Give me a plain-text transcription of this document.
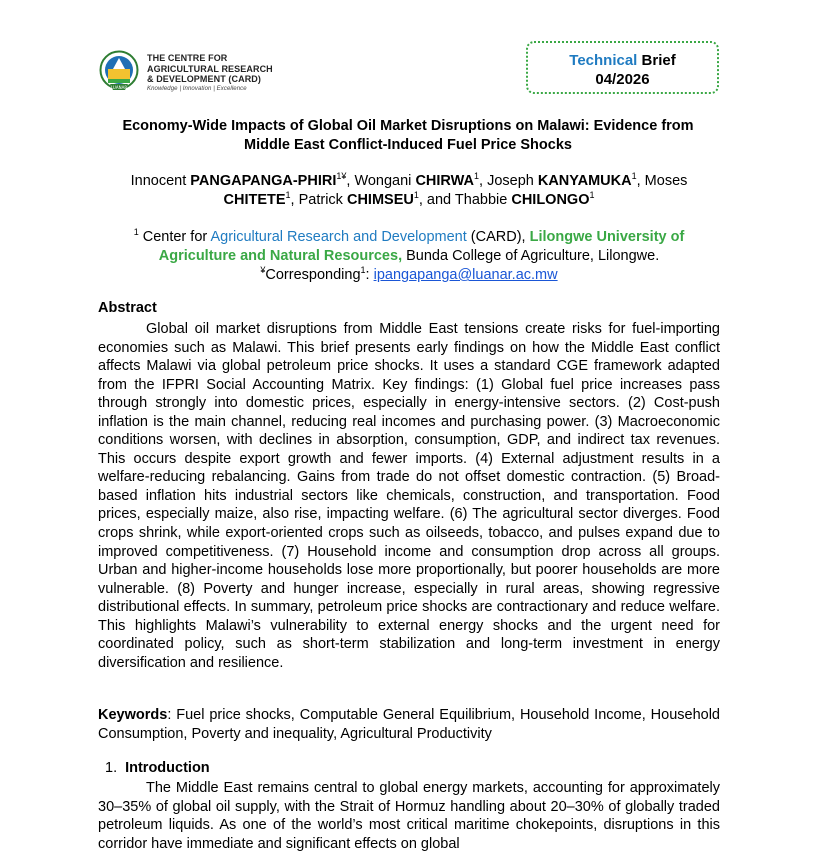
LUANAR
THE CENTRE FOR
AGRICULTURAL RESEARCH
& DEVELOPMENT (CARD)
Knowledge | Innovation | Excellence
Technical Brief
04/2026
Economy-Wide Impacts of Global Oil Market Disruptions on Malawi: Evidence from Middle East Conflict-Induced Fuel Price Shocks
Innocent PANGAPANGA-$PHIRI^{1¥}$, Wongani CHIRWA$^1$, Joseph KANYAMUKA$^1$, Moses CHITETE$^1$, Patrick CHIMSEU$^1$, and Thabbie CHILONGO$^1$
$^1$ Center for Agricultural Research and Development (CARD), Lilongwe University of Agriculture and Natural Resources, Bunda College of Agriculture, Lilongwe.
¥Corresponding$^1$: ipangapanga@luanar.ac.mw
Abstract
Global oil market disruptions from Middle East tensions create risks for fuel-importing economies such as Malawi. This brief presents early findings on how the Middle East conflict affects Malawi via global petroleum price shocks. It uses a standard CGE framework adapted from the IFPRI Social Accounting Matrix. Key findings: (1) Global fuel price increases pass through strongly into domestic prices, especially in energy-intensive sectors. (2) Cost-push inflation is the main channel, reducing real incomes and purchasing power. (3) Macroeconomic conditions worsen, with declines in absorption, consumption, GDP, and indirect tax revenues. This occurs despite export growth and fewer imports. (4) External adjustment results in a welfare-reducing rebalancing. Gains from trade do not offset domestic contraction. (5) Broad-based inflation hits industrial sectors like chemicals, construction, and transportation. Food prices, especially maize, also rise, impacting welfare. (6) The agricultural sector diverges. Food crops shrink, while export-oriented crops such as oilseeds, tobacco, and pulses expand due to improved competitiveness. (7) Household income and consumption drop across all groups. Urban and higher-income households lose more proportionally, but poorer households are more vulnerable. (8) Poverty and hunger increase, especially in rural areas, showing regressive distributional effects. In summary, petroleum price shocks are contractionary and reduce welfare. This highlights Malawi’s vulnerability to external energy shocks and the urgent need for coordinated policy, such as short-term stabilization and long-term investment in energy diversification and resilience.
Keywords: Fuel price shocks, Computable General Equilibrium, Household Income, Household Consumption, Poverty and inequality, Agricultural Productivity
1. Introduction
The Middle East remains central to global energy markets, accounting for approximately 30–35% of global oil supply, with the Strait of Hormuz handling about 20–30% of globally traded petroleum liquids. As one of the world’s most critical maritime chokepoints, disruptions in this corridor have immediate and significant effects on global
